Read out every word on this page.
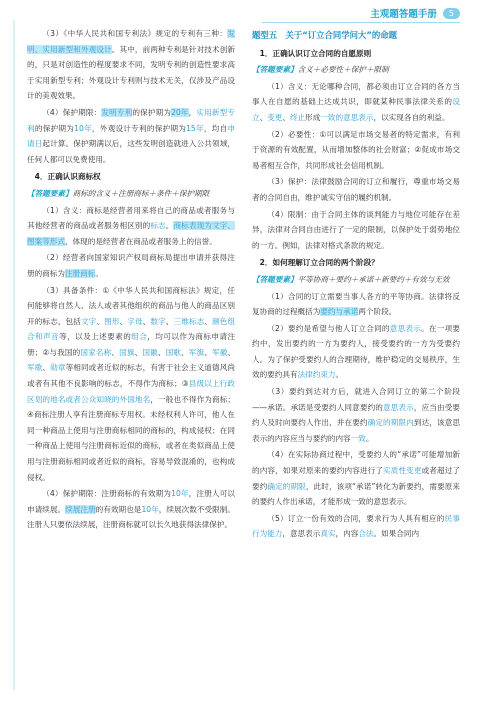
主观题答题手册	5

（3）《中华人民共和国专利法》规定的专利有三种：发明、实用新型和外观设计。其中，前两种专利是针对技术创新的，只是对创造性的程度要求不同，发明专利的创造性要求高于实用新型专利；外观设计专利则与技术无关，仅涉及产品设计的美观效果。

（4）保护期限：发明专利的保护期为20年，实用新型专利的保护期为10年，外观设计专利的保护期为15年，均自申请日起计算。保护期满以后，这些发明创造就进入公共领域，任何人都可以免费使用。

4．正确认识商标权

【答题要素】商标的含义＋注册商标＋条件＋保护期限

（1）含义：商标是经营者用来将自己的商品或者服务与其他经营者的商品或者服务相区别的标志。商标表现为文字、图案等形式，体现的是经营者在商品或者服务上的信誉。

（2）经营者向国家知识产权局商标局提出申请并获得注册的商标为注册商标。

（3）具备条件：①《中华人民共和国商标法》规定，任何能够将自然人、法人或者其他组织的商品与他人的商品区别开的标志，包括文字、图形、字母、数字、三维标志、颜色组合和声音等，以及上述要素的组合，均可以作为商标申请注册；②与我国的国家名称、国旗、国徽、国歌、军旗、军徽、军歌、勋章等相同或者近似的标志，有害于社会主义道德风尚或者有其他不良影响的标志，不得作为商标；③县级以上行政区划的地名或者公众知晓的外国地名，一般也不得作为商标；④商标注册人享有注册商标专用权。未经权利人许可，他人在同一种商品上使用与注册商标相同的商标的，构成侵权；在同一种商品上使用与注册商标近似的商标，或者在类似商品上使用与注册商标相同或者近似的商标，容易导致混淆的，也构成侵权。

（4）保护期限：注册商标的有效期为10年，注册人可以申请续展。续展注册的有效期也是10年，续展次数不受限制。注册人只要依法续展，注册商标就可以长久地获得法律保护。

题型五　关于“订立合同学问大”的命题
1．正确认识订立合同的自愿原则

【答题要素】含义＋必要性＋保护＋限制

（1）含义：无论哪种合同，都必须由订立合同的各方当事人在自愿的基础上达成共识，即就某种民事法律关系的设立、变更、终止形成一致的意思表示，以实现各自的利益。

（2）必要性：①可以满足市场交易者的特定需求，有利于资源的有效配置，从而增加整体的社会财富；②促成市场交易者相互合作，共同形成社会信用机制。

（3）保护：法律鼓励合同的订立和履行，尊重市场交易者的合同自由，维护诚实守信的履约机制。

（4）限制：由于合同主体的谈判能力与地位可能存在差异，法律对合同自由进行了一定的限制，以保护处于弱势地位的一方。例如，法律对格式条款的规定。

2．如何理解订立合同的两个阶段？

【答题要素】平等协商＋要约＋承诺＋新要约＋有效与无效

（1）合同的订立需要当事人各方的平等协商。法律将反复协商的过程概括为要约与承诺两个阶段。

（2）要约是希望与他人订立合同的意思表示。在一项要约中，发出要约的一方为要约人，接受要约的一方为受要约人。为了保护受要约人的合理期待，维护稳定的交易秩序，生效的要约具有法律约束力。

（3）要约到达对方后，就进入合同订立的第二个阶段——承诺。承诺是受要约人同意要约的意思表示，应当由受要约人及时向要约人作出，并在要约确定的期限内到达，该意思表示的内容应当与要约的内容一致。

（4）在实际协商过程中，受要约人的“承诺”可能增加新的内容，如果对原来的要约内容进行了实质性变更或者超过了要约确定的期限，此时，该项“承诺”转化为新要约，需要原来的要约人作出承诺，才能形成一致的意思表示。

（5）订立一份有效的合同，要求行为人具有相应的民事行为能力，意思表示真实，内容合法。如果合同内
